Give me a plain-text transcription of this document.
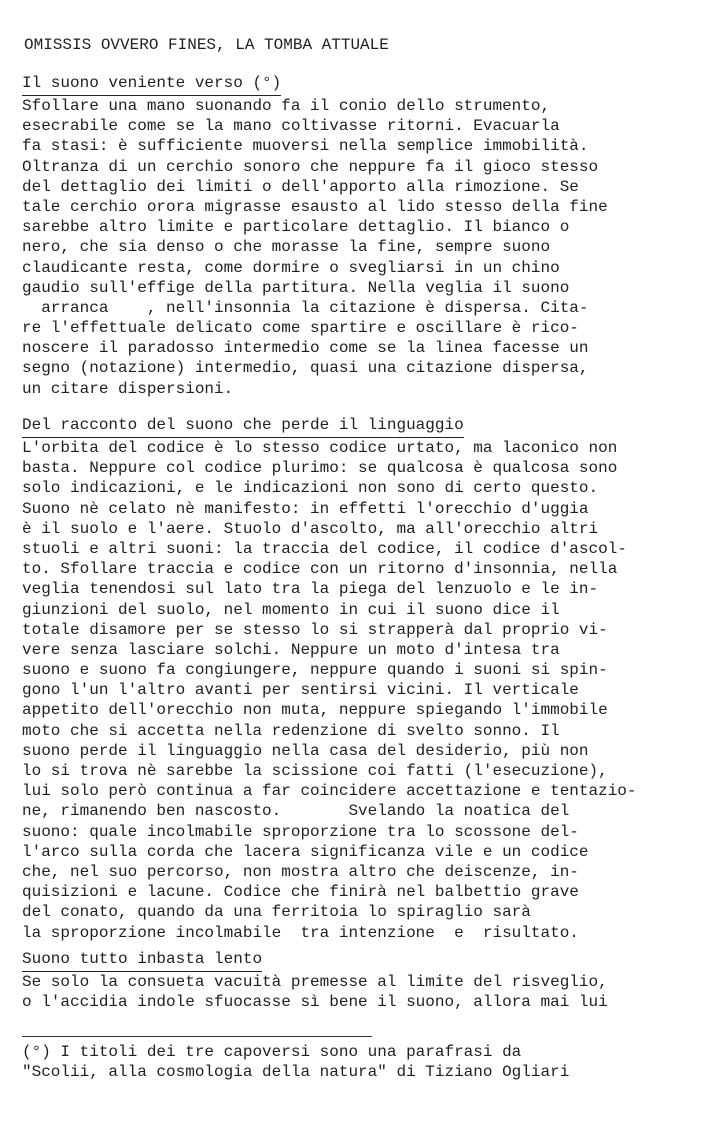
OMISSIS OVVERO FINES, LA TOMBA ATTUALE
Il suono veniente verso (°)
Sfollare una mano suonando fa il conio dello strumento,
esecrabile come se la mano coltivasse ritorni. Evacuarla
fa stasi: è sufficiente muoversi nella semplice immobilità.
Oltranza di un cerchio sonoro che neppure fa il gioco stesso
del dettaglio dei limiti o dell'apporto alla rimozione. Se
tale cerchio orora migrasse esausto al lido stesso della fine
sarebbe altro limite e particolare dettaglio. Il bianco o
nero, che sia denso o che morasse la fine, sempre suono
claudicante resta, come dormire o svegliarsi in un chino
gaudio sull'effige della partitura. Nella veglia il suono
arranca    , nell'insonnia la citazione è dispersa. Cita-
re l'effettuale delicato come spartire e oscillare è rico-
noscere il paradosso intermedio come se la linea facesse un
segno (notazione) intermedio, quasi una citazione dispersa,
un citare dispersioni.
Del racconto del suono che perde il linguaggio
L'orbita del codice è lo stesso codice urtato, ma laconico non
basta. Neppure col codice plurimo: se qualcosa è qualcosa sono
solo indicazioni, e le indicazioni non sono di certo questo.
Suono nè celato nè manifesto: in effetti l'orecchio d'uggia
è il suolo e l'aere. Stuolo d'ascolto, ma all'orecchio altri
stuoli e altri suoni: la traccia del codice, il codice d'ascol-
to. Sfollare traccia e codice con un ritorno d'insonnia, nella
veglia tenendosi sul lato tra la piega del lenzuolo e le in-
giunzioni del suolo, nel momento in cui il suono dice il
totale disamore per se stesso lo si strapperà dal proprio vi-
vere senza lasciare solchi. Neppure un moto d'intesa tra
suono e suono fa congiungere, neppure quando i suoni si spin-
gono l'un l'altro avanti per sentirsi vicini. Il verticale
appetito dell'orecchio non muta, neppure spiegando l'immobile
moto che si accetta nella redenzione di svelto sonno. Il
suono perde il linguaggio nella casa del desiderio, più non
lo si trova nè sarebbe la scissione coi fatti (l'esecuzione),
lui solo però continua a far coincidere accettazione e tentazio-
ne, rimanendo ben nascosto.       Svelando la noatica del
suono: quale incolmabile sproporzione tra lo scossone del-
l'arco sulla corda che lacera significanza vile e un codice
che, nel suo percorso, non mostra altro che deiscenze, in-
quisizioni e lacune. Codice che finirà nel balbettio grave
del conato, quando da una ferritoia lo spiraglio sarà
la sproporzione incolmabile  tra intenzione  e  risultato.
Suono tutto inbasta lento
Se solo la consueta vacuità premesse al limite del risveglio,
o l'accidia indole sfuocasse sì bene il suono, allora mai lui
(°) I titoli dei tre capoversi sono una parafrasi da
"Scolii, alla cosmologia della natura" di Tiziano Ogliari
